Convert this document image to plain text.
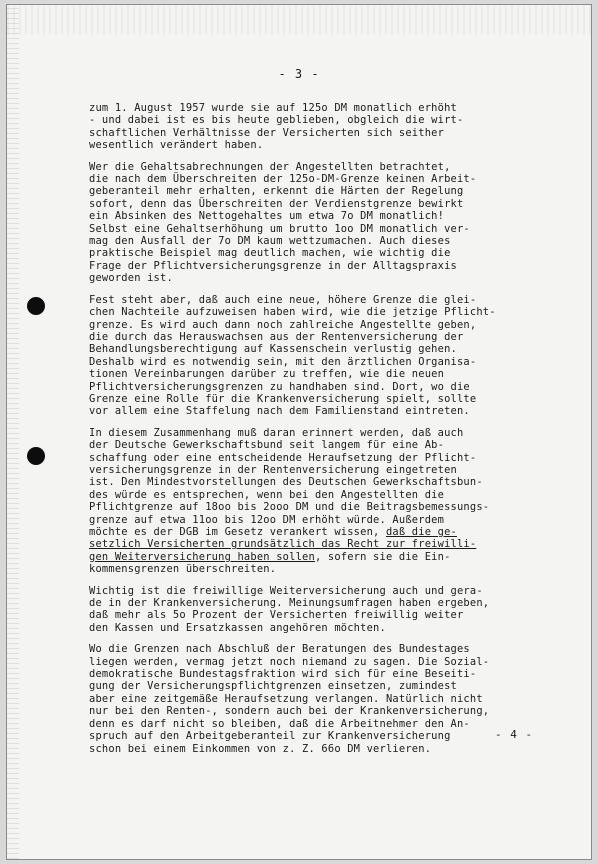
- 3 -
zum 1. August 1957 wurde sie auf 125o DM monatlich erhöht
- und dabei ist es bis heute geblieben, obgleich die wirt-
schaftlichen Verhältnisse der Versicherten sich seither
wesentlich verändert haben.
Wer die Gehaltsabrechnungen der Angestellten betrachtet,
die nach dem Überschreiten der 125o-DM-Grenze keinen Arbeit-
geberanteil mehr erhalten, erkennt die Härten der Regelung
sofort, denn das Überschreiten der Verdienstgrenze bewirkt
ein Absinken des Nettogehaltes um etwa 7o DM monatlich!
Selbst eine Gehaltserhöhung um brutto 1oo DM monatlich ver-
mag den Ausfall der 7o DM kaum wettzumachen. Auch dieses
praktische Beispiel mag deutlich machen, wie wichtig die
Frage der Pflichtversicherungsgrenze in der Alltagspraxis
geworden ist.
Fest steht aber, daß auch eine neue, höhere Grenze die glei-
chen Nachteile aufzuweisen haben wird, wie die jetzige Pflicht-
grenze. Es wird auch dann noch zahlreiche Angestellte geben,
die durch das Herauswachsen aus der Rentenversicherung der
Behandlungsberechtigung auf Kassenschein verlustig gehen.
Deshalb wird es notwendig sein, mit den ärztlichen Organisa-
tionen Vereinbarungen darüber zu treffen, wie die neuen
Pflichtversicherungsgrenzen zu handhaben sind. Dort, wo die
Grenze eine Rolle für die Krankenversicherung spielt, sollte
vor allem eine Staffelung nach dem Familienstand eintreten.
In diesem Zusammenhang muß daran erinnert werden, daß auch
der Deutsche Gewerkschaftsbund seit langem für eine Ab-
schaffung oder eine entscheidende Heraufsetzung der Pflicht-
versicherungsgrenze in der Rentenversicherung eingetreten
ist. Den Mindestvorstellungen des Deutschen Gewerkschaftsbun-
des würde es entsprechen, wenn bei den Angestellten die
Pflichtgrenze auf 18oo bis 2ooo DM und die Beitragsbemessungs-
grenze auf etwa 11oo bis 12oo DM erhöht würde. Außerdem
möchte es der DGB im Gesetz verankert wissen, daß die ge-
setzlich Versicherten grundsätzlich das Recht zur freiwilli-
gen Weiterversicherung haben sollen, sofern sie die Ein-
kommensgrenzen überschreiten.
Wichtig ist die freiwillige Weiterversicherung auch und gera-
de in der Krankenversicherung. Meinungsumfragen haben ergeben,
daß mehr als 5o Prozent der Versicherten freiwillig weiter
den Kassen und Ersatzkassen angehören möchten.
Wo die Grenzen nach Abschluß der Beratungen des Bundestages
liegen werden, vermag jetzt noch niemand zu sagen. Die Sozial-
demokratische Bundestagsfraktion wird sich für eine Beseiti-
gung der Versicherungspflichtgrenzen einsetzen, zumindest
aber eine zeitgemäße Heraufsetzung verlangen. Natürlich nicht
nur bei den Renten-, sondern auch bei der Krankenversicherung,
denn es darf nicht so bleiben, daß die Arbeitnehmer den An-
spruch auf den Arbeitgeberanteil zur Krankenversicherung
schon bei einem Einkommen von z. Z. 66o DM verlieren.
- 4 -
